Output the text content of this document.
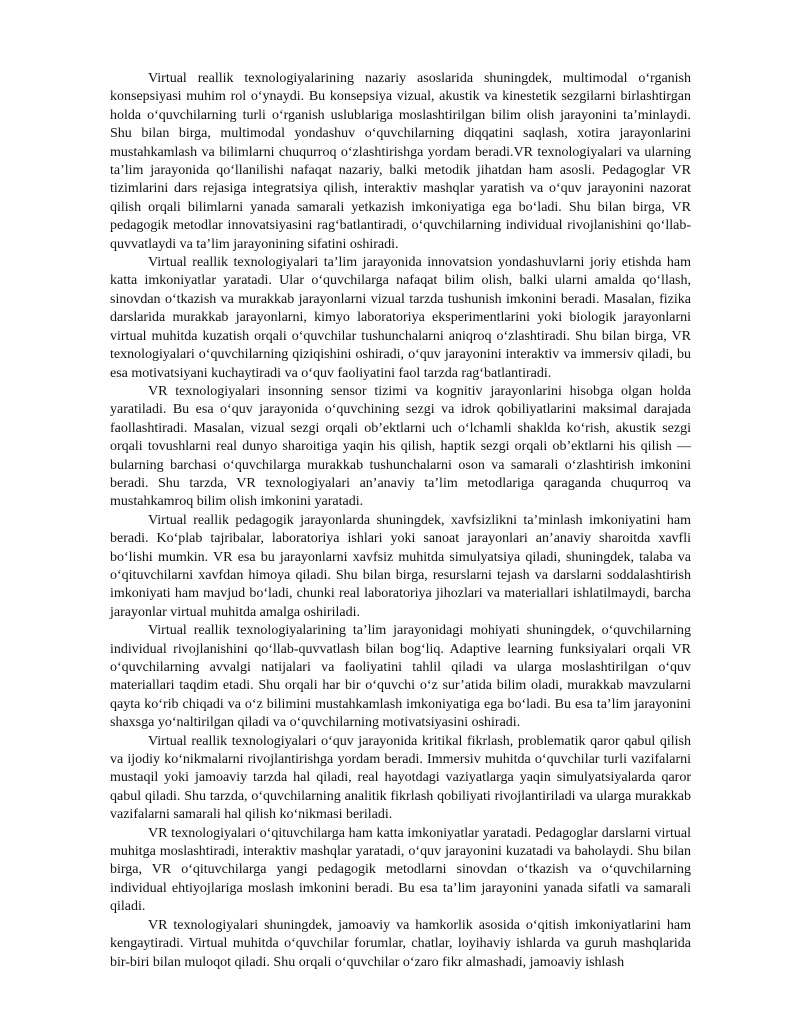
Virtual reallik texnologiyalarining nazariy asoslarida shuningdek, multimodal o‘rganish konsepsiyasi muhim rol o‘ynaydi. Bu konsepsiya vizual, akustik va kinestetik sezgilarni birlashtirgan holda o‘quvchilarning turli o‘rganish uslublariga moslashtirilgan bilim olish jarayonini ta’minlaydi. Shu bilan birga, multimodal yondashuv o‘quvchilarning diqqatini saqlash, xotira jarayonlarini mustahkamlash va bilimlarni chuqurroq o‘zlashtirishga yordam beradi.VR texnologiyalari va ularning ta’lim jarayonida qo‘llanilishi nafaqat nazariy, balki metodik jihatdan ham asosli. Pedagoglar VR tizimlarini dars rejasiga integratsiya qilish, interaktiv mashqlar yaratish va o‘quv jarayonini nazorat qilish orqali bilimlarni yanada samarali yetkazish imkoniyatiga ega bo‘ladi. Shu bilan birga, VR pedagogik metodlar innovatsiyasini rag‘batlantiradi, o‘quvchilarning individual rivojlanishini qo‘llab-quvvatlaydi va ta’lim jarayonining sifatini oshiradi.

Virtual reallik texnologiyalari ta’lim jarayonida innovatsion yondashuvlarni joriy etishda ham katta imkoniyatlar yaratadi. Ular o‘quvchilarga nafaqat bilim olish, balki ularni amalda qo‘llash, sinovdan o‘tkazish va murakkab jarayonlarni vizual tarzda tushunish imkonini beradi. Masalan, fizika darslarida murakkab jarayonlarni, kimyo laboratoriya eksperimentlarini yoki biologik jarayonlarni virtual muhitda kuzatish orqali o‘quvchilar tushunchalarni aniqroq o‘zlashtiradi. Shu bilan birga, VR texnologiyalari o‘quvchilarning qiziqishini oshiradi, o‘quv jarayonini interaktiv va immersiv qiladi, bu esa motivatsiyani kuchaytiradi va o‘quv faoliyatini faol tarzda rag‘batlantiradi.

VR texnologiyalari insonning sensor tizimi va kognitiv jarayonlarini hisobga olgan holda yaratiladi. Bu esa o‘quv jarayonida o‘quvchining sezgi va idrok qobiliyatlarini maksimal darajada faollashtiradi. Masalan, vizual sezgi orqali ob’ektlarni uch o‘lchamli shaklda ko‘rish, akustik sezgi orqali tovushlarni real dunyo sharoitiga yaqin his qilish, haptik sezgi orqali ob’ektlarni his qilish — bularning barchasi o‘quvchilarga murakkab tushunchalarni oson va samarali o‘zlashtirish imkonini beradi. Shu tarzda, VR texnologiyalari an’anaviy ta’lim metodlariga qaraganda chuqurroq va mustahkamroq bilim olish imkonini yaratadi.

Virtual reallik pedagogik jarayonlarda shuningdek, xavfsizlikni ta’minlash imkoniyatini ham beradi. Ko‘plab tajribalar, laboratoriya ishlari yoki sanoat jarayonlari an’anaviy sharoitda xavfli bo‘lishi mumkin. VR esa bu jarayonlarni xavfsiz muhitda simulyatsiya qiladi, shuningdek, talaba va o‘qituvchilarni xavfdan himoya qiladi. Shu bilan birga, resurslarni tejash va darslarni soddalashtirish imkoniyati ham mavjud bo‘ladi, chunki real laboratoriya jihozlari va materiallari ishlatilmaydi, barcha jarayonlar virtual muhitda amalga oshiriladi.

Virtual reallik texnologiyalarining ta’lim jarayonidagi mohiyati shuningdek, o‘quvchilarning individual rivojlanishini qo‘llab-quvvatlash bilan bog‘liq. Adaptive learning funksiyalari orqali VR o‘quvchilarning avvalgi natijalari va faoliyatini tahlil qiladi va ularga moslashtirilgan o‘quv materiallari taqdim etadi. Shu orqali har bir o‘quvchi o‘z sur’atida bilim oladi, murakkab mavzularni qayta ko‘rib chiqadi va o‘z bilimini mustahkamlash imkoniyatiga ega bo‘ladi. Bu esa ta’lim jarayonini shaxsga yo‘naltirilgan qiladi va o‘quvchilarning motivatsiyasini oshiradi.

Virtual reallik texnologiyalari o‘quv jarayonida kritikal fikrlash, problematik qaror qabul qilish va ijodiy ko‘nikmalarni rivojlantirishga yordam beradi. Immersiv muhitda o‘quvchilar turli vazifalarni mustaqil yoki jamoaviy tarzda hal qiladi, real hayotdagi vaziyatlarga yaqin simulyatsiyalarda qaror qabul qiladi. Shu tarzda, o‘quvchilarning analitik fikrlash qobiliyati rivojlantiriladi va ularga murakkab vazifalarni samarali hal qilish ko‘nikmasi beriladi.

VR texnologiyalari o‘qituvchilarga ham katta imkoniyatlar yaratadi. Pedagoglar darslarni virtual muhitga moslashtiradi, interaktiv mashqlar yaratadi, o‘quv jarayonini kuzatadi va baholaydi. Shu bilan birga, VR o‘qituvchilarga yangi pedagogik metodlarni sinovdan o‘tkazish va o‘quvchilarning individual ehtiyojlariga moslash imkonini beradi. Bu esa ta’lim jarayonini yanada sifatli va samarali qiladi.

VR texnologiyalari shuningdek, jamoaviy va hamkorlik asosida o‘qitish imkoniyatlarini ham kengaytiradi. Virtual muhitda o‘quvchilar forumlar, chatlar, loyihaviy ishlarda va guruh mashqlarida bir-biri bilan muloqot qiladi. Shu orqali o‘quvchilar o‘zaro fikr almashadi, jamoaviy ishlash
